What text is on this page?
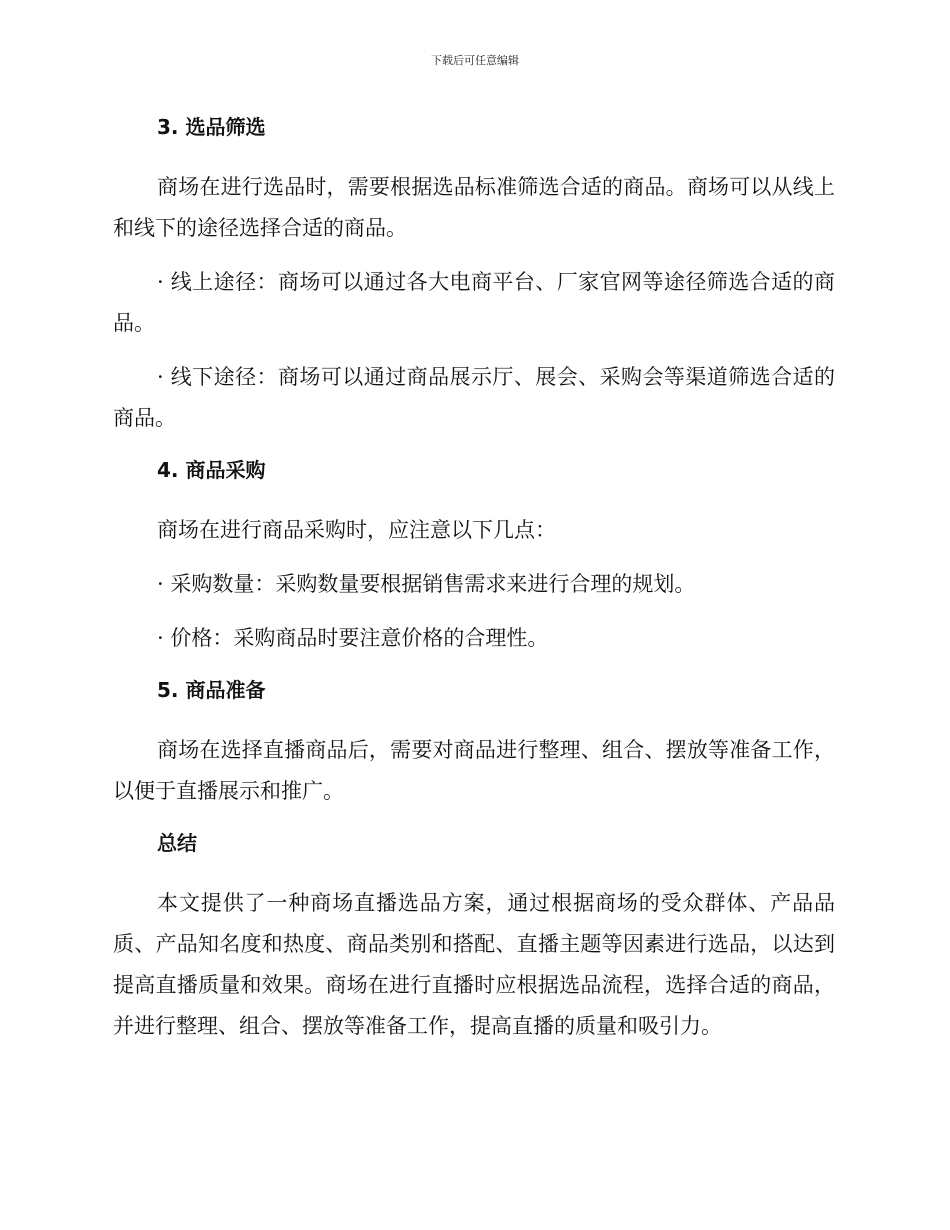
下载后可任意编辑
3. 选品筛选

商场在进行选品时，需要根据选品标准筛选合适的商品。商场可以从线上和线下的途径选择合适的商品。

· 线上途径：商场可以通过各大电商平台、厂家官网等途径筛选合适的商品。

· 线下途径：商场可以通过商品展示厅、展会、采购会等渠道筛选合适的商品。

4. 商品采购

商场在进行商品采购时，应注意以下几点：

· 采购数量：采购数量要根据销售需求来进行合理的规划。

· 价格：采购商品时要注意价格的合理性。

5. 商品准备

商场在选择直播商品后，需要对商品进行整理、组合、摆放等准备工作，以便于直播展示和推广。

总结

本文提供了一种商场直播选品方案，通过根据商场的受众群体、产品品质、产品知名度和热度、商品类别和搭配、直播主题等因素进行选品，以达到提高直播质量和效果。商场在进行直播时应根据选品流程，选择合适的商品，并进行整理、组合、摆放等准备工作，提高直播的质量和吸引力。
